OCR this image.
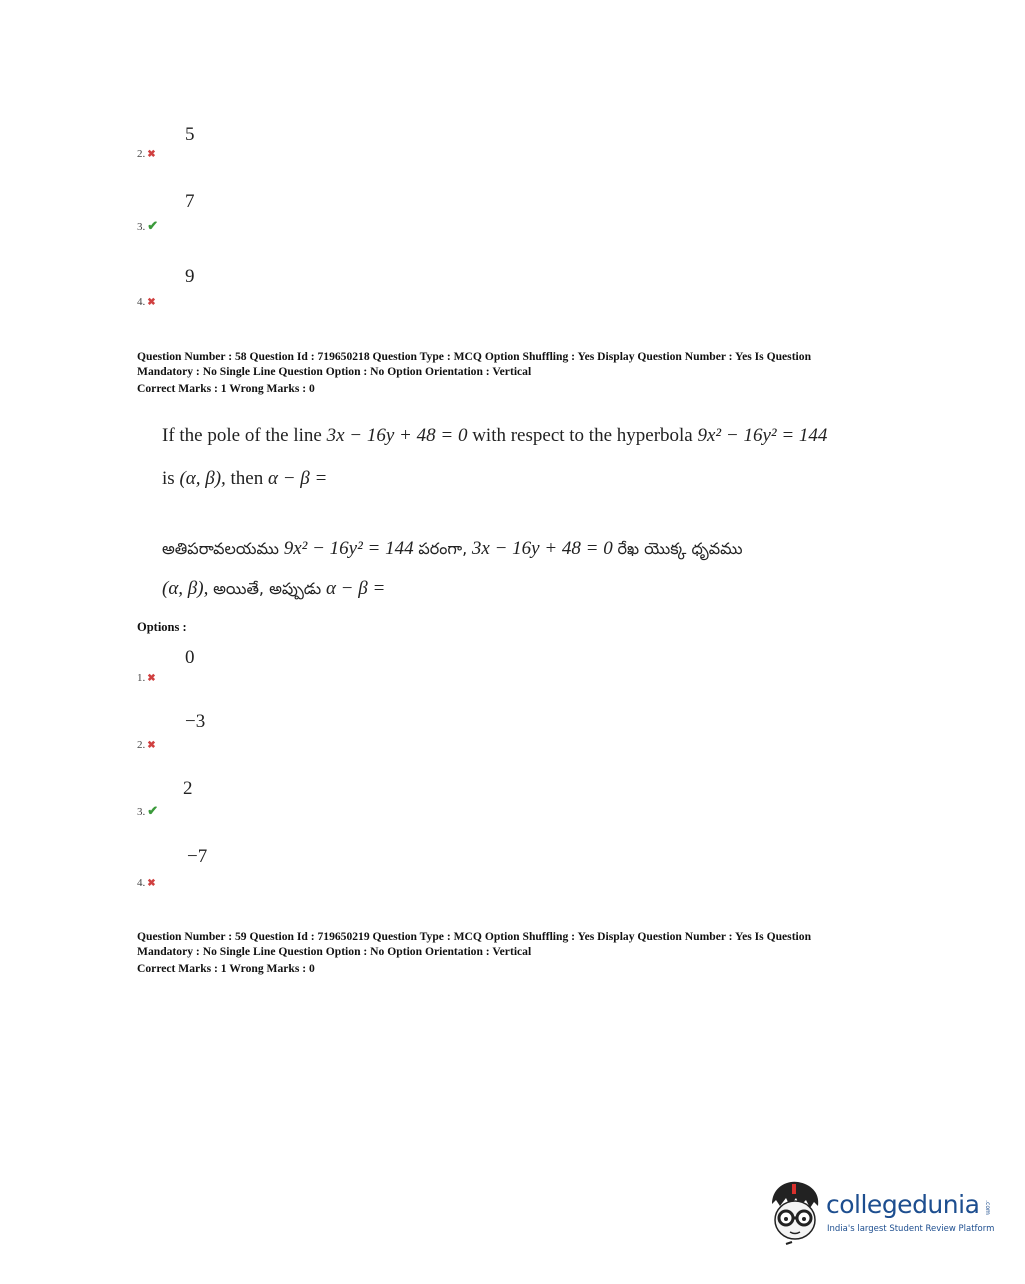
5
2. ✖
7
3. ✔
9
4. ✖
Question Number : 58 Question Id : 719650218 Question Type : MCQ Option Shuffling : Yes Display Question Number : Yes Is Question
Mandatory : No Single Line Question Option : No Option Orientation : Vertical
Correct Marks : 1 Wrong Marks : 0
If the pole of the line 3x − 16y + 48 = 0 with respect to the hyperbola 9x² − 16y² = 144
is (α, β), then α − β =
అతిపరావలయము 9x² − 16y² = 144 పరంగా, 3x − 16y + 48 = 0 రేఖ యొక్క ధృవము
(α, β), అయితే, అప్పుడు α − β =
Options :
0
1. ✖
−3
2. ✖
2
3. ✔
−7
4. ✖
Question Number : 59 Question Id : 719650219 Question Type : MCQ Option Shuffling : Yes Display Question Number : Yes Is Question
Mandatory : No Single Line Question Option : No Option Orientation : Vertical
Correct Marks : 1 Wrong Marks : 0
collegedunia .com
India's largest Student Review Platform
